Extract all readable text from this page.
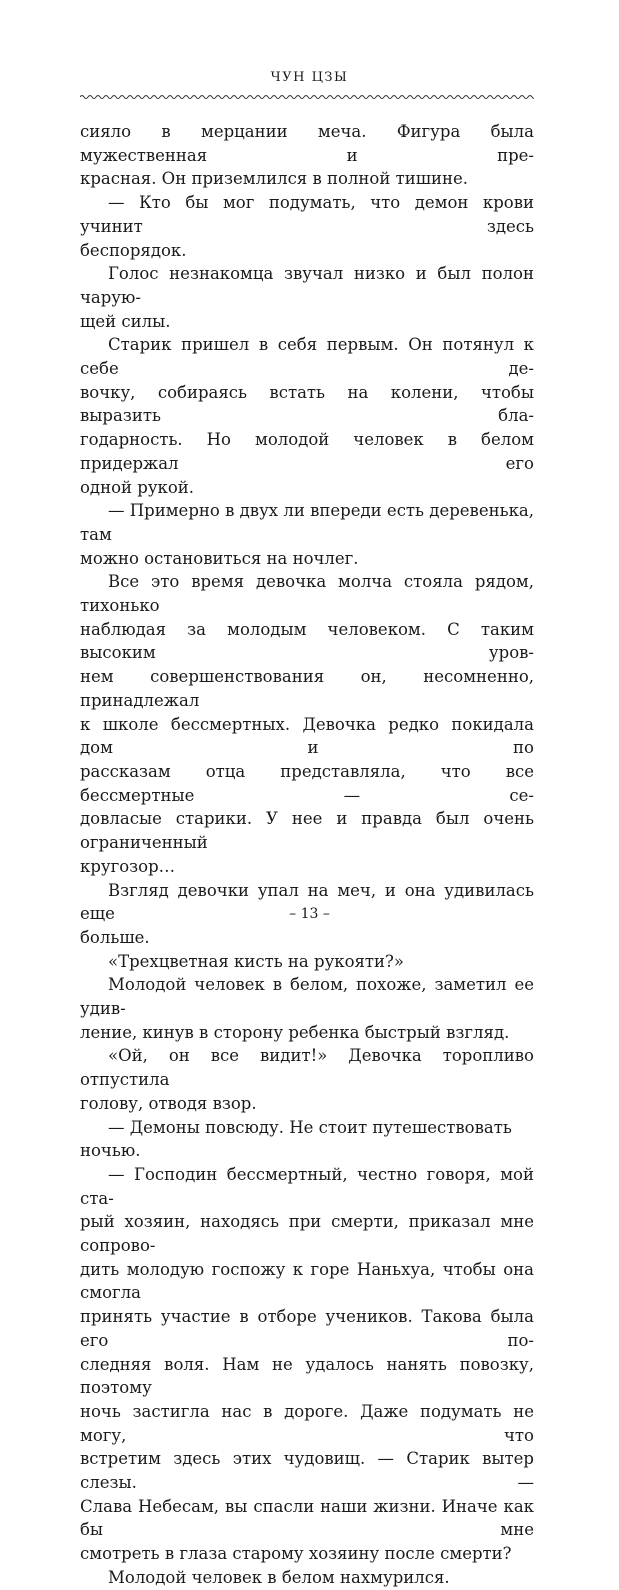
ЧУН ЦЗЫ

сияло в мерцании меча. Фигура была мужественная и пре-

красная. Он приземлился в полной тишине.

— Кто бы мог подумать, что демон крови учинит здесь

беспорядок.

Голос незнакомца звучал низко и был полон чарую-

щей силы.

Старик пришел в себя первым. Он потянул к себе де-

вочку, собираясь встать на колени, чтобы выразить бла-

годарность. Но молодой человек в белом придержал его

одной рукой.

— Примерно в двух ли впереди есть деревенька, там

можно остановиться на ночлег.

Все это время девочка молча стояла рядом, тихонько

наблюдая за молодым человеком. С таким высоким уров-

нем совершенствования он, несомненно, принадлежал

к школе бессмертных. Девочка редко покидала дом и по

рассказам отца представляла, что все бессмертные — се-

довласые старики. У нее и правда был очень ограниченный

кругозор…

Взгляд девочки упал на меч, и она удивилась еще

больше.

«Трехцветная кисть на рукояти?»

Молодой человек в белом, похоже, заметил ее удив-

ление, кинув в сторону ребенка быстрый взгляд.

«Ой, он все видит!» Девочка торопливо отпустила

голову, отводя взор.

— Демоны повсюду. Не стоит путешествовать ночью.

— Господин бессмертный, честно говоря, мой ста-

рый хозяин, находясь при смерти, приказал мне сопрово-

дить молодую госпожу к горе Наньхуа, чтобы она смогла

принять участие в отборе учеников. Такова была его по-

следняя воля. Нам не удалось нанять повозку, поэтому

ночь застигла нас в дороге. Даже подумать не могу, что

встретим здесь этих чудовищ. — Старик вытер слезы. —

Слава Небесам, вы спасли наши жизни. Иначе как бы мне

смотреть в глаза старому хозяину после смерти?

Молодой человек в белом нахмурился.

– 13 –
